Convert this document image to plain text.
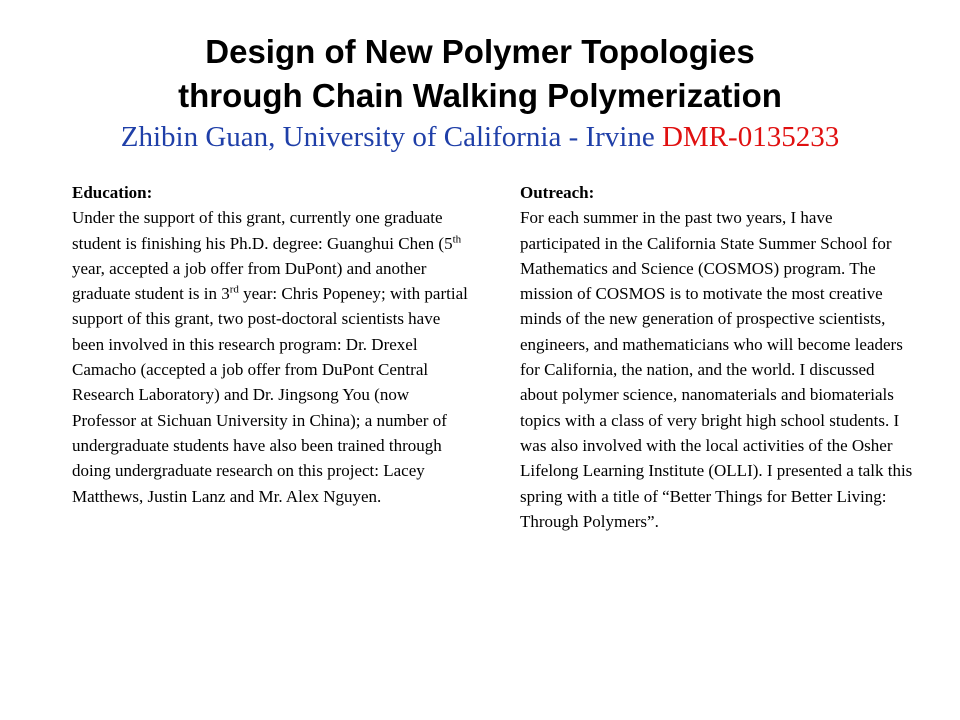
Design of New Polymer Topologies
through Chain Walking Polymerization
Zhibin Guan, University of California - Irvine DMR-0135233
Education:

Under the support of this grant, currently one graduate student is finishing his Ph.D. degree: Guanghui Chen (5th year, accepted a job offer from DuPont) and another graduate student is in 3rd year: Chris Popeney; with partial support of this grant, two post-doctoral scientists have been involved in this research program: Dr. Drexel Camacho (accepted a job offer from DuPont Central Research Laboratory) and Dr. Jingsong You (now Professor at Sichuan University in China); a number of undergraduate students have also been trained through doing undergraduate research on this project: Lacey Matthews, Justin Lanz and Mr. Alex Nguyen.

Outreach:

For each summer in the past two years, I have participated in the California State Summer School for Mathematics and Science (COSMOS) program. The mission of COSMOS is to motivate the most creative minds of the new generation of prospective scientists, engineers, and mathematicians who will become leaders for California, the nation, and the world. I discussed about polymer science, nanomaterials and biomaterials topics with a class of very bright high school students. I was also involved with the local activities of the Osher Lifelong Learning Institute (OLLI). I presented a talk this spring with a title of “Better Things for Better Living: Through Polymers”.
